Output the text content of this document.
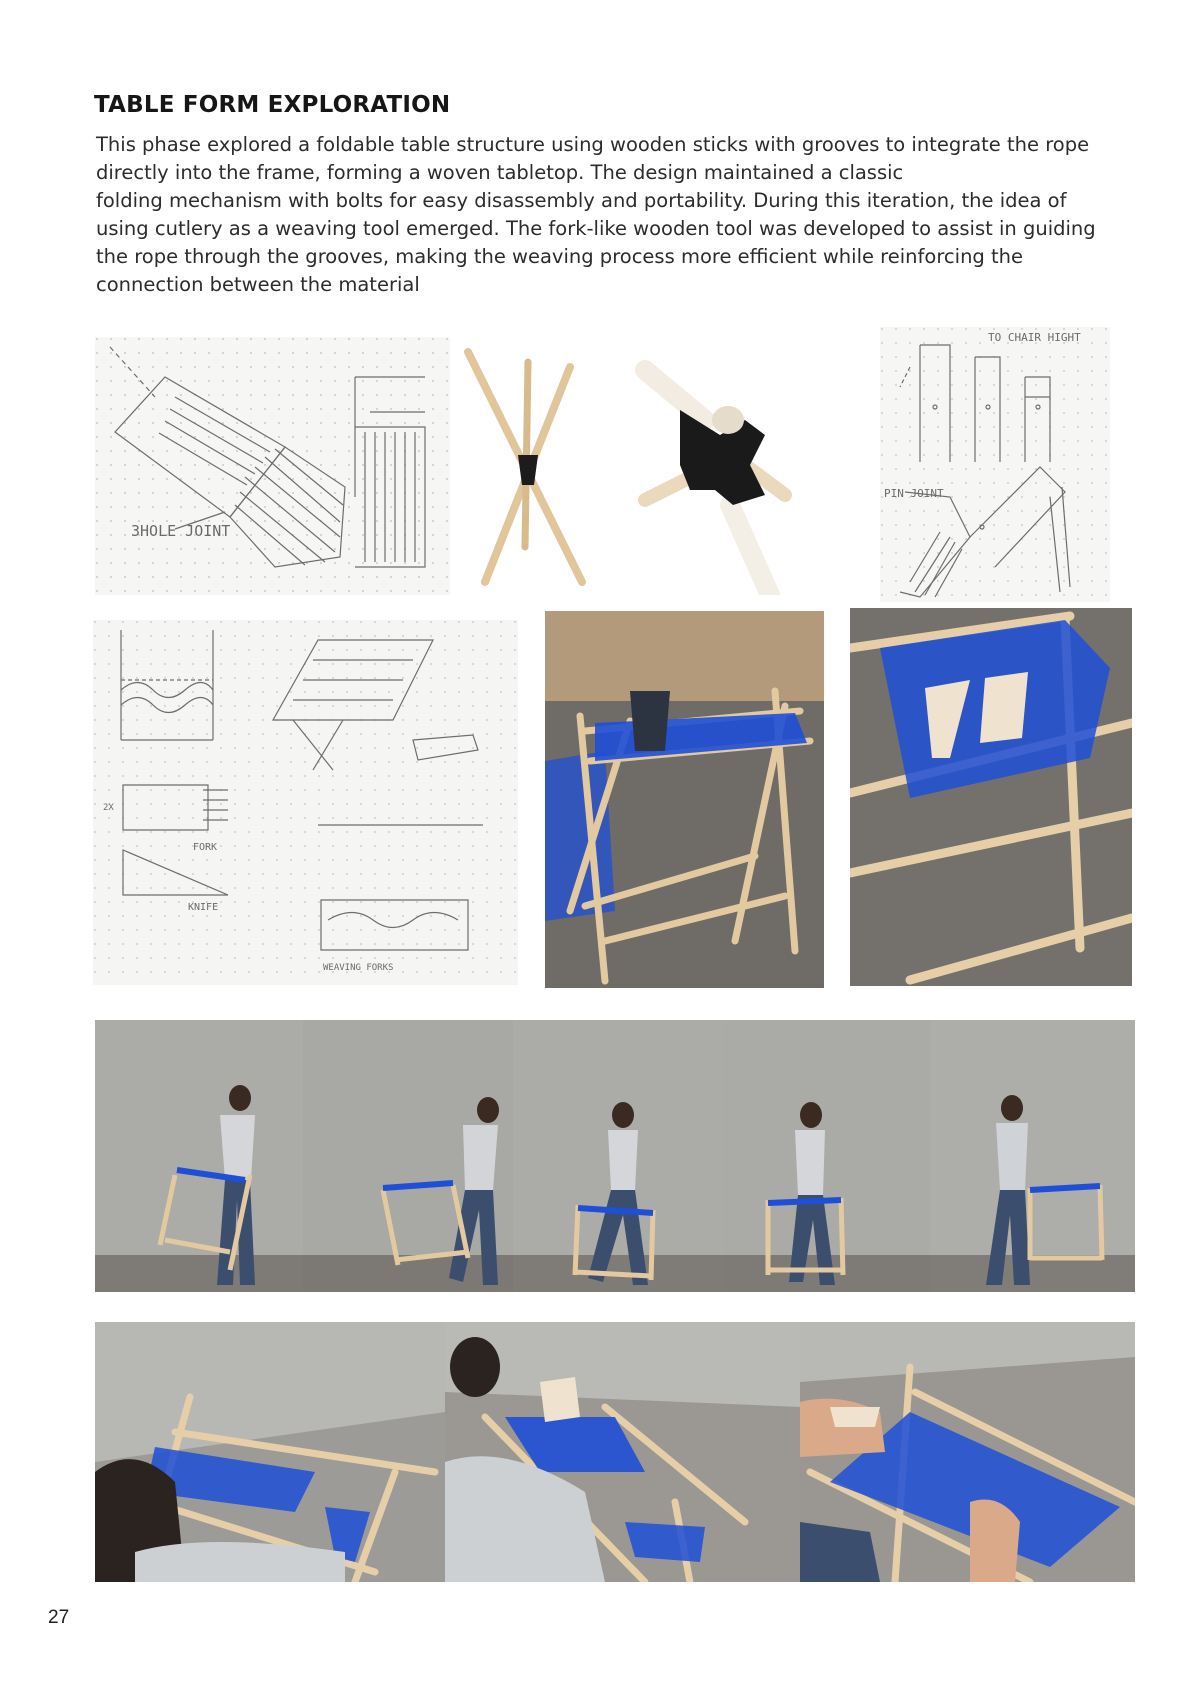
TABLE FORM EXPLORATION

This phase explored a foldable table structure using wooden sticks with grooves to integrate the rope
directly into the frame, forming a woven tabletop. The design maintained a classic
folding mechanism with bolts for easy disassembly and portability. During this iteration, the idea of
using cutlery as a weaving tool emerged. The fork-like wooden tool was developed to assist in guiding
the rope through the grooves, making the weaving process more efficient while reinforcing the
connection between the material

3HOLE JOINT
TO CHAIR HIGHT
PIN JOINT
FORK
KNIFE
2X
WEAVING FORKS
27
